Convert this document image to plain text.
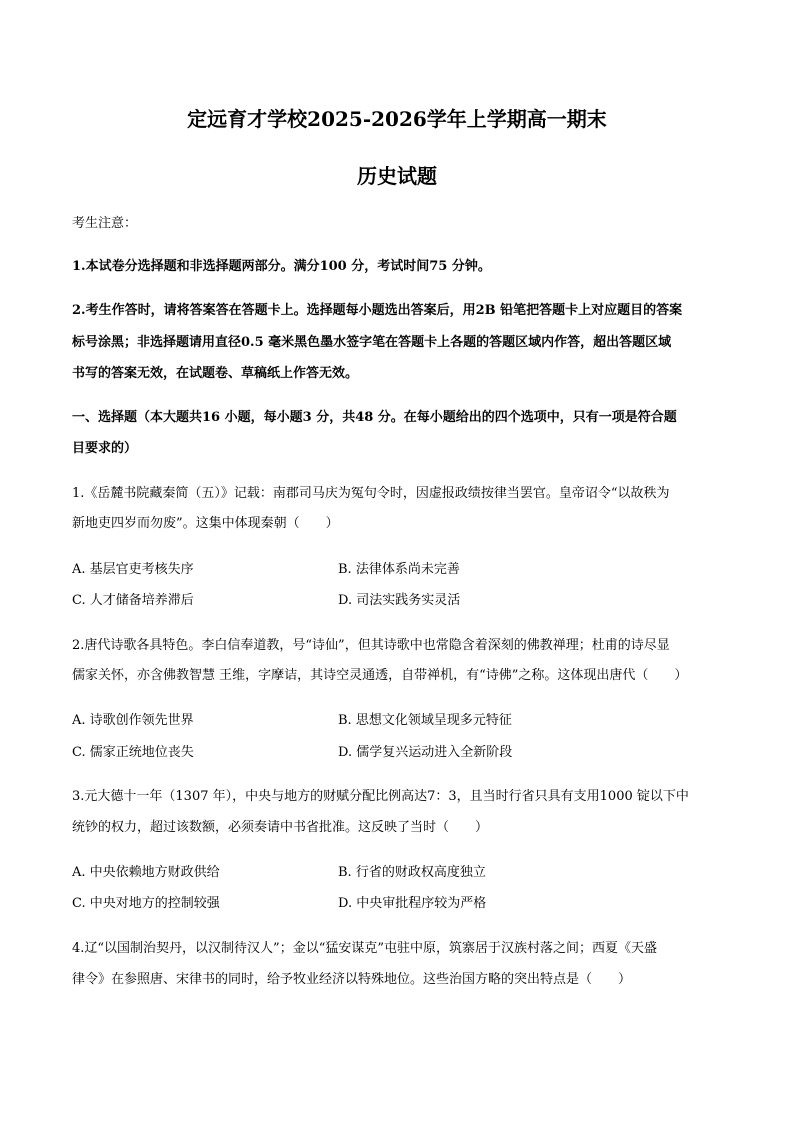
定远育才学校2025-2026学年上学期高一期末
历史试题
考生注意：
1.本试卷分选择题和非选择题两部分。满分100 分，考试时间75 分钟。
2.考生作答时，请将答案答在答题卡上。选择题每小题选出答案后，用2B 铅笔把答题卡上对应题目的答案
标号涂黑；非选择题请用直径0.5 毫米黑色墨水签字笔在答题卡上各题的答题区域内作答，超出答题区域
书写的答案无效，在试题卷、草稿纸上作答无效。
一、选择题（本大题共16 小题，每小题3 分，共48 分。在每小题给出的四个选项中，只有一项是符合题
目要求的）
1.《岳麓书院藏秦简（五）》记载：南郡司马庆为冤句令时，因虚报政绩按律当罢官。皇帝诏令“以故秩为
新地吏四岁而勿废”。这集中体现秦朝（　　）
A. 基层官吏考核失序	B. 法律体系尚未完善
C. 人才储备培养滞后	D. 司法实践务实灵活
2.唐代诗歌各具特色。李白信奉道教，号“诗仙”，但其诗歌中也常隐含着深刻的佛教禅理；杜甫的诗尽显
儒家关怀，亦含佛教智慧 王维，字摩诘，其诗空灵通透，自带禅机，有“诗佛”之称。这体现出唐代（　　）
A. 诗歌创作领先世界	B. 思想文化领域呈现多元特征
C. 儒家正统地位丧失	D. 儒学复兴运动进入全新阶段
3.元大德十一年（1307 年），中央与地方的财赋分配比例高达7：3，且当时行省只具有支用1000 锭以下中
统钞的权力，超过该数额，必须奏请中书省批准。这反映了当时（　　）
A. 中央依赖地方财政供给	B. 行省的财政权高度独立
C. 中央对地方的控制较强	D. 中央审批程序较为严格
4.辽“以国制治契丹，以汉制待汉人”；金以“猛安谋克”屯驻中原，筑寨居于汉族村落之间；西夏《天盛
律令》在参照唐、宋律书的同时，给予牧业经济以特殊地位。这些治国方略的突出特点是（　　）
